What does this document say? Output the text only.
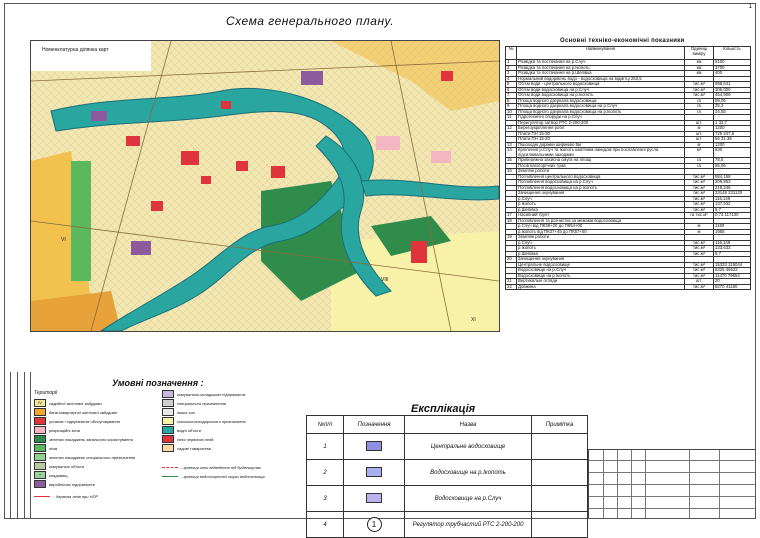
Схема генерального плану.
1
VIII
XI
VI
Номенклатурна ділянка карт
Основні техніко-економічні показники
№	Найменування	Одиниці виміру	Кількість
1	Розвідка та постачання на р.Случ	км	5100
2	Розвідка та постачання на р.Ікопоть	км	3700
3	Розвідка та постачання на р.Шепівка	км	400
4	Нормальний водорівень водо - водосховища на відмітці 263,5		
5	Об'єм води - центрального водосховища	тис.м³	998,641
6	Об'єм води водосховища на р.Случ	тис.м³	306,000
7	Об'єм води водосховища на р.Ікопоть	тис.м³	454,909
8	Площа водного дзеркала водосховища	га	59,05
9	Площа водного дзеркала водосховища на р.Случ	га	25,2
10	Площа водного дзеркала водосховища на р.Ікопоть	га	34,55
11	Гідротехнічні споруди на р.Случ		
	Перегулятор затвор РТС 2-200-200	шт.	1 32,7
12	Берегоукріплення робіт	м	1200
	Плити ПН 15-30	шт.	725 247,5
	Плити ПН 15-20	шт.	56 31,36
13	Пішоходні доріжки шириною 5м	м	1200
14	Кріплення р.Случ та Ікопоть кам'яним накидом при послабленні русла підсилювальними заходами	м³	630
15	Прибережна захисна смуга на площі	га	78,5
	Посів багаторічних трав	га	55,06
16	Земляні роботи		
	Поглиблення центрального водосховища	тис.м³	584,158
	Поглиблення водосховища на р.Случ	тис.м³	209,863
	Поглиблення водосховища на р.Ікопоть	тис.м³	219,245
	Зачищення окунування	тис.м³	33148 231120
	р.Случ	тис.м³	116,149
	р.Ікопоть	тис.м³	137,532
	р.Шепівка	тис.м³	9,7
17	Насипний ґрунт	га тис.м³	0,73 117100
18	Поглиблення та розчистка за межами водосховища		
	р.Случ від ПК39+20 до ПК54+00	м	1180
	р.Ікопоть від ПК37+45 до ПК57+00	м	1955
19	Земляні роботи		
	р.Случ	тис.м³	116,149
	р.Ікопоть	тис.м³	133,633
	р.Шепівка	тис.м³	9,7
20	Зачищення окунування		
	Центральне водосховище	тис.м³	15333 119044
	Водосховище на р.Случ	тис.м³	8325 45622
	Водосховище на р.Ікопоть	тис.м³	11470 79654
21	Вертикальні огляди	шт.	20
22	Довжина	тис.м³	8270 41180
Умовні позначення :
Території
IV	садибної житлової забудови
багатоквартирної житлової забудови
установ і підприємств обслуговування
рекреаційні зони
зелених насаджень загального користування
лісів
зелених насаджень спеціального призначення
комунальні об'єкти
+	кладовищ
виробничих підприємств
комунально-складських підприємств
спеціального призначення
інших зон
сільськогосподарського призначення
водні об'єкти
лінія червоних ліній
садові товариства
- границя зони відведення під будівництво
- границя водоохоронної смуги водосховища
- Червона лінія при НПР
Експлікація
№п/п	Позначення	Назва	Примітка
1		Центральне водосховище	
2		Водосховище на р.Ікопоть	
3		Водосховище на р.Случ	
4	1	Регулятор трубчастий РТС 2-200-200	
